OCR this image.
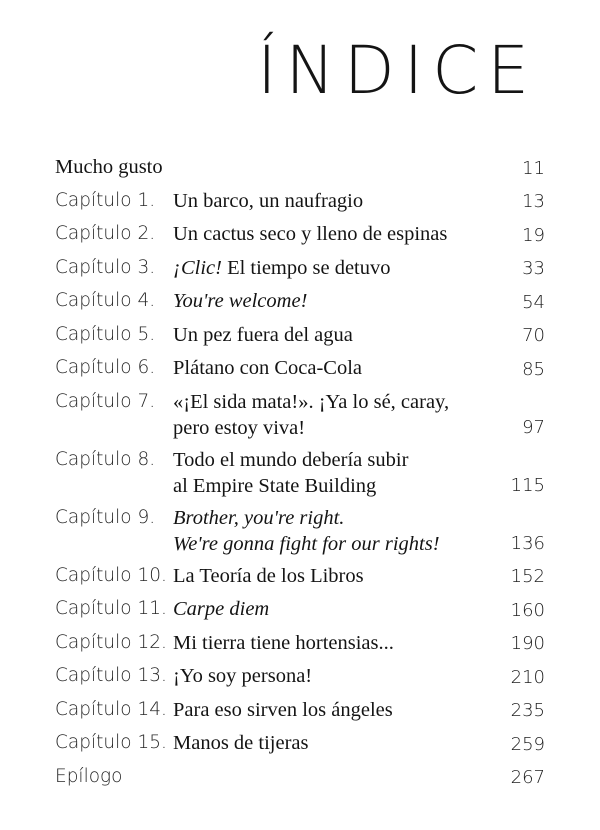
ÍNDICE
Mucho gusto	11
Capítulo 1. Un barco, un naufragio	13
Capítulo 2. Un cactus seco y lleno de espinas	19
Capítulo 3. ¡Clic! El tiempo se detuvo	33
Capítulo 4. You're welcome!	54
Capítulo 5. Un pez fuera del agua	70
Capítulo 6. Plátano con Coca-Cola	85
Capítulo 7. «¡El sida mata!». ¡Ya lo sé, caray,
pero estoy viva!	97
Capítulo 8. Todo el mundo debería subir
al Empire State Building	115
Capítulo 9. Brother, you're right.
We're gonna fight for our rights!	136
Capítulo 10. La Teoría de los Libros	152
Capítulo 11. Carpe diem	160
Capítulo 12. Mi tierra tiene hortensias...	190
Capítulo 13. ¡Yo soy persona!	210
Capítulo 14. Para eso sirven los ángeles	235
Capítulo 15. Manos de tijeras	259
Epílogo	267
